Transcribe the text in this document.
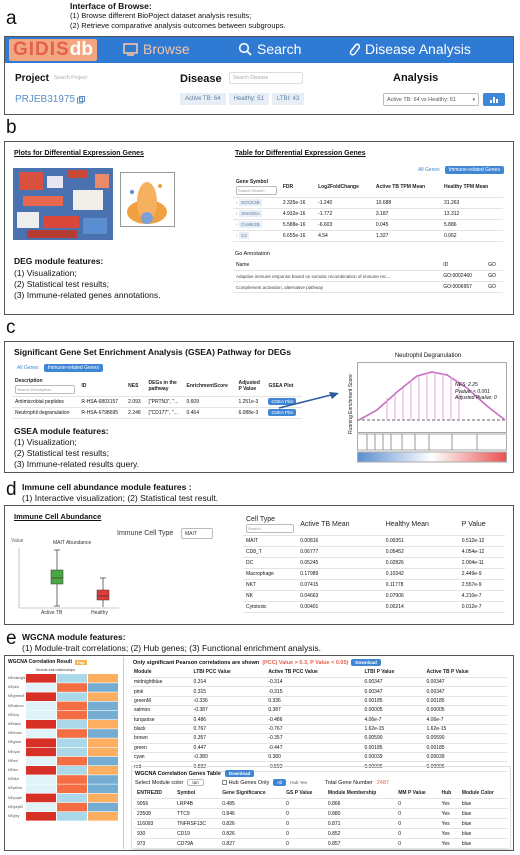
a
Interface of Browse:
(1) Browse different BioPoject dataset analysis results;
(2) Retrieve comparative analysis outcomes between subgroups.
GIDIS db	Browse	Search	Disease Analysis
Project	Search Project
PRJEB31975
Disease	Search Disease
Active TB: 64	Healthy: 51	LTBI: 43
Analysis
Active TB: 64 vs Healthy: 51	▾
b
Plots for Differential Expression Genes
DEG module features:
(1) Visualization;
(2) Statistical test results;
(3) Immune-related genes annotations.
Table for Differential Expression Genes
All Genes	Immune-related Genes
Gene Symbol
Search Search	FDR	Log2FoldChange	Active TB TPM Mean	Healthy TPM Mean
› DOCK3B	2.335e-16	-1.240	10.688	31.263
› SMAD5A	4.932e-16	-1.772	3.187	13.312
› CAMK2B	5.588e-16	-6.603	0.045	5.886
› C4	6.655e-16	4.54	1.327	0.062
Go Annotation
Name	ID	GO
Adaptive immune response based on somatic recombination of immune rec...	GO:0002460	GO
Complement activation, alternative pathway	GO:0006957	GO
c
Significant Gene Set Enrichment Analysis (GSEA) Pathway for DEGs
All Genes	Immune-related Genes
Description
Search Description	ID	NES	DEGs in the pathway	EnrichmentScore	Adjusted P Value	GSEA Plot
Antimicrobial peptides	R-HSA-6803157	2.093	["PRTN3", "...	0.609	1.251e-3	GSEA Plot
Neutrophil degranulation	R-HSA-6798695	2.248	["CD177", "...	0.464	6.088e-3	GSEA Plot
GSEA module features:
(1) Visualization;
(2) Statistical test results;
(3) Immune-related results query.
Neutrophil Degranulation
Running Enrichment Score	NES: 2.25
Pvalue: < 0.001
Adjusted Pvalue: 0
d Immune cell abundance module features :
(1) Interactive visualization; (2) Statistical test result.
Immune Cell Abundance
Immune Cell Type	MAIT
Value	MAIT Abundance
Active TB	Healthy
Cell Type
Search	Active TB Mean	Healthy Mean	P Value
MAIT	0.00816	0.00351	0.512e-12
CD8_T	0.06777	0.05452	4.054e-12
DC	0.05245	0.02826	2.004e-11
Macrophage	0.17989	0.10342	2.449e-9
NKT	0.07415	0.11778	2.557e-9
NK	0.04663	0.07906	4.210e-7
Cytotoxic	0.00401	0.00214	0.012e-7
e WGCNA module features:
(1) Module-trait correlations; (2) Hub genes; (3) Functional enrichment analysis.
WGCNA Correlation Result	Pop
Module-trait relationships
MEmidnight
MEpink
MEgreenM
MEsalmon
MEturq
MEblack
MEbrown
MEgreen
MEcyan
MEred
MEtan
MEblue
MEyellow
MEpurple
MEgrey60
MEgrey
Only significant Pearson correlations are shown (PCC| Value > 0.3, P Value < 0.05)	Download
Module	LTBI PCC Value	Active TB PCC Value	LTBI P Value	Active TB P Value
midnightblue	0.314	-0.314	0.00347	0.00347
pink	0.315	-0.315	0.00347	0.00347
greenM	-0.336	0.336	0.00185	0.00185
salmon	-0.387	0.387	0.00005	0.00005
turquoise	0.486	-0.486	4.06e-7	4.06e-7
black	0.767	-0.767	1.62e-15	1.62e-15
brown	0.357	-0.357	0.00590	0.00590
green	0.447	-0.447	0.00185	0.00185
cyan	-0.380	0.380	0.00039	0.00039
red	0.592	-0.592	0.00006	0.00006
WGCNA Correlation Genes Table	Download
Select Module color	tan	Hub Genes Only	All	Hub Yes	Total Gene Number 2487
ENTREZID	Symbol	Gene Significance	GS P Value	Module Membership	MM P Value	Hub	Module Color
9056	LRP4B	0.485	0	0.866	0	Yes	blue
23508	TTC9	0.846	0	0.880	0	Yes	blue
116093	TNFRSF13C	0.826	0	0.871	0	Yes	blue
930	CD19	0.826	0	0.852	0	Yes	blue
973	CD79A	0.827	0	0.857	0	Yes	blue
